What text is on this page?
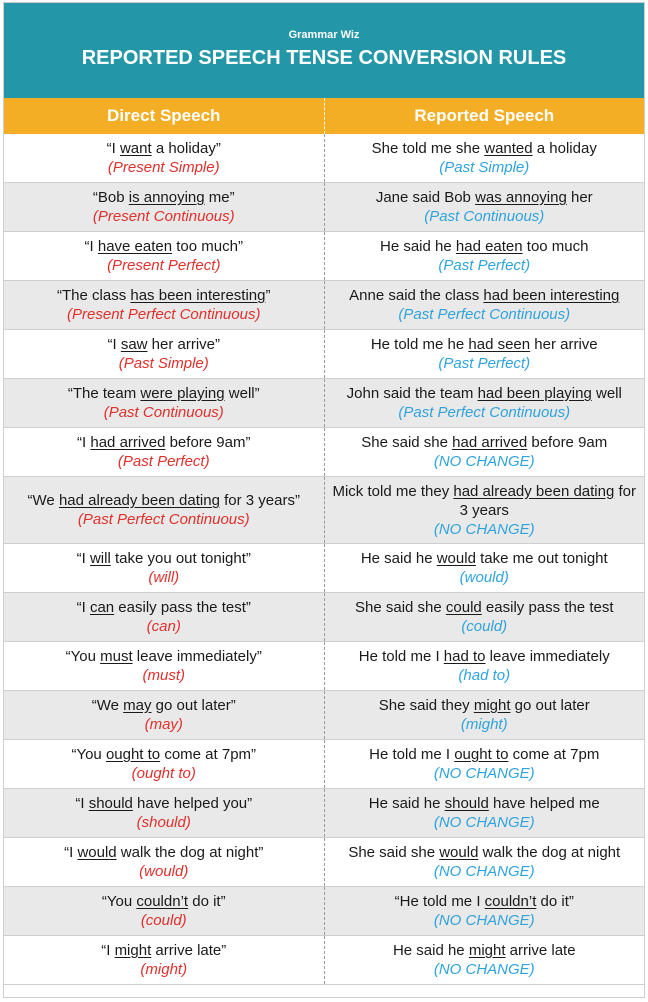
Grammar Wiz
REPORTED SPEECH TENSE CONVERSION RULES
Direct Speech	Reported Speech
“I want a holiday”
(Present Simple)
She told me she wanted a holiday
(Past Simple)
“Bob is annoying me”
(Present Continuous)
Jane said Bob was annoying her
(Past Continuous)
“I have eaten too much”
(Present Perfect)
He said he had eaten too much
(Past Perfect)
“The class has been interesting”
(Present Perfect Continuous)
Anne said the class had been interesting
(Past Perfect Continuous)
“I saw her arrive”
(Past Simple)
He told me he had seen her arrive
(Past Perfect)
“The team were playing well”
(Past Continuous)
John said the team had been playing well
(Past Perfect Continuous)
“I had arrived before 9am”
(Past Perfect)
She said she had arrived before 9am
(NO CHANGE)
“We had already been dating for 3 years”
(Past Perfect Continuous)
Mick told me they had already been dating for 3 years
(NO CHANGE)
“I will take you out tonight”
(will)
He said he would take me out tonight
(would)
“I can easily pass the test”
(can)
She said she could easily pass the test
(could)
“You must leave immediately”
(must)
He told me I had to leave immediately
(had to)
“We may go out later”
(may)
She said they might go out later
(might)
“You ought to come at 7pm”
(ought to)
He told me I ought to come at 7pm
(NO CHANGE)
“I should have helped you”
(should)
He said he should have helped me
(NO CHANGE)
“I would walk the dog at night”
(would)
She said she would walk the dog at night
(NO CHANGE)
“You couldn’t do it”
(could)
“He told me I couldn’t do it”
(NO CHANGE)
“I might arrive late”
(might)
He said he might arrive late
(NO CHANGE)
